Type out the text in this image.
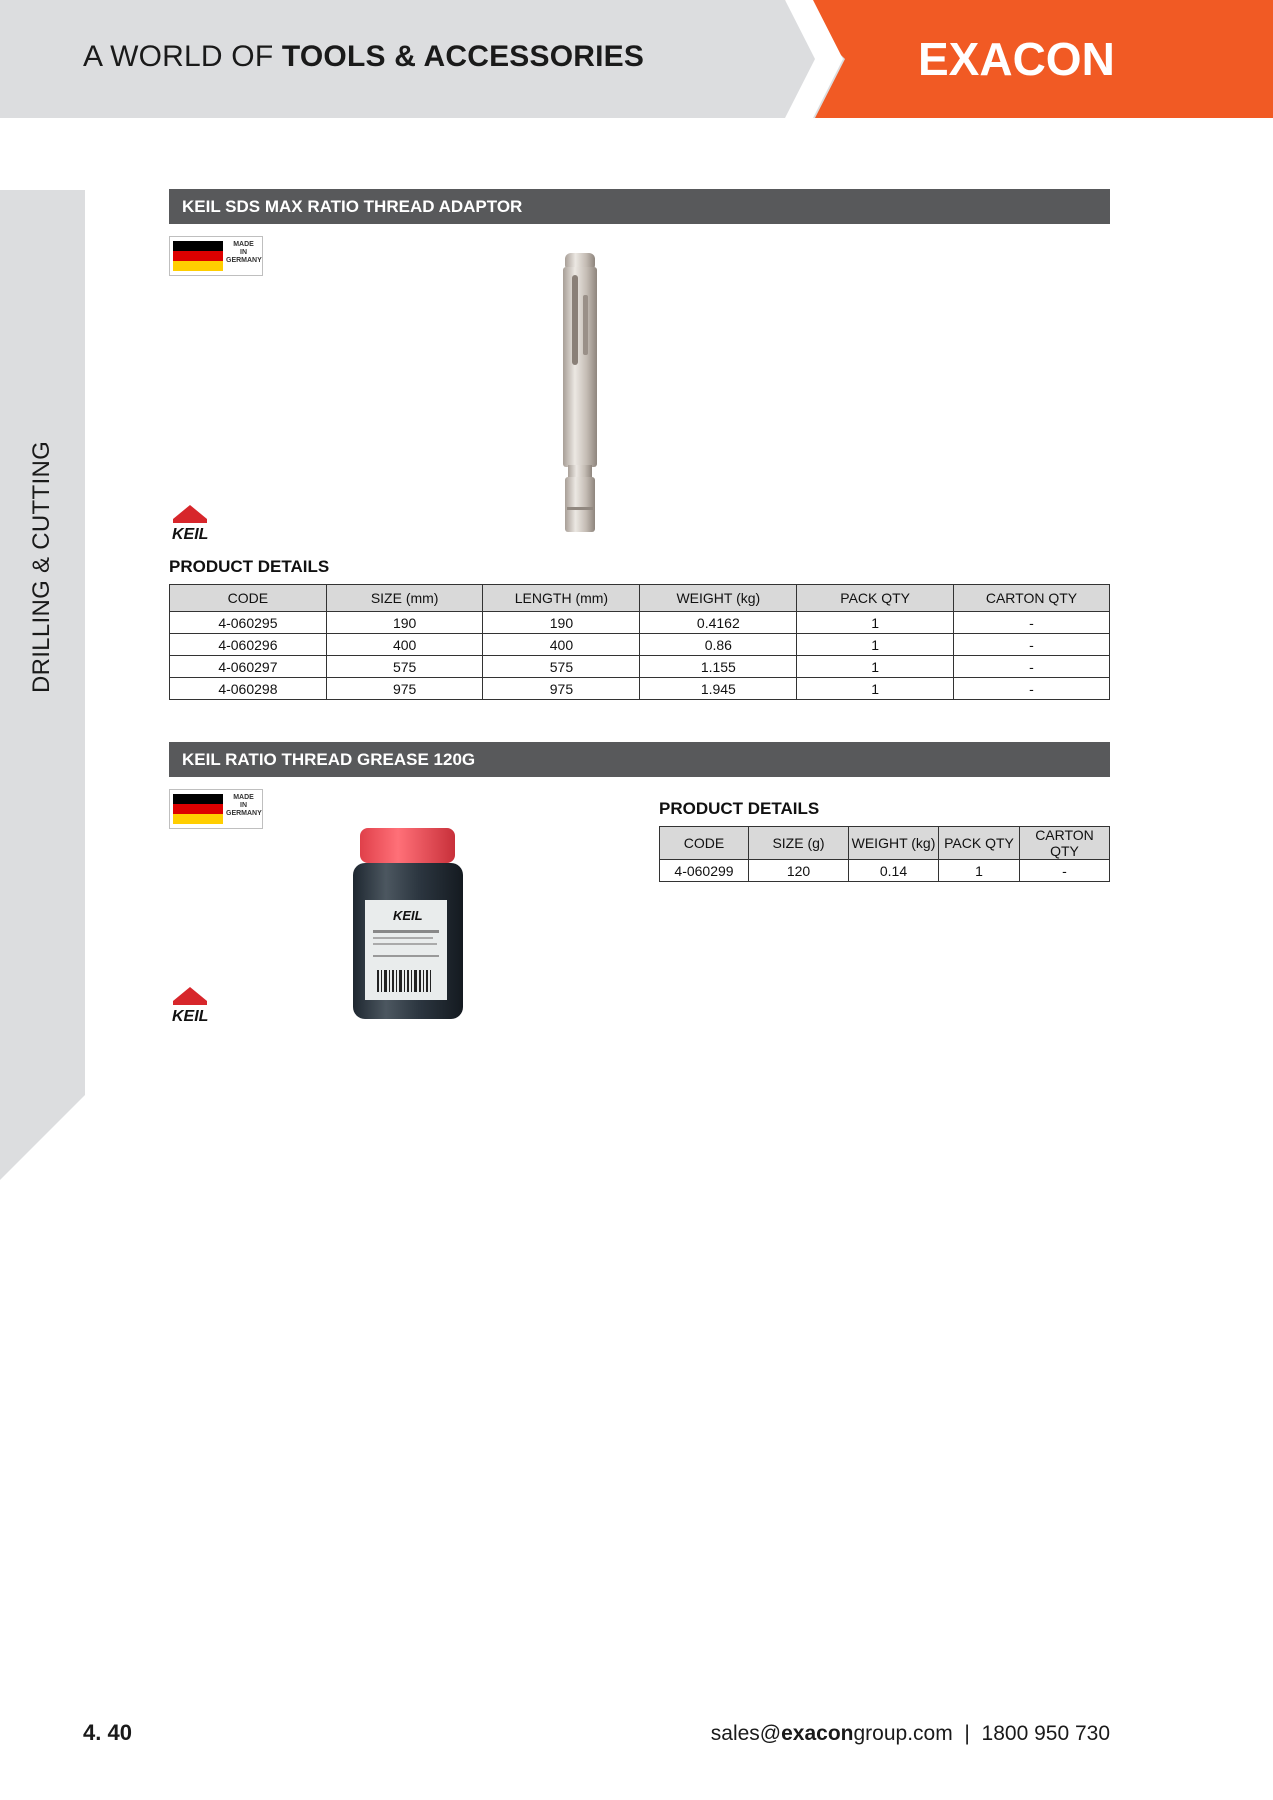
A WORLD OF TOOLS & ACCESSORIES	EXACON
DRILLING & CUTTING
KEIL SDS MAX RATIO THREAD ADAPTOR
MADE
IN
GERMANY
KEIL
PRODUCT DETAILS
CODE	SIZE (mm)	LENGTH (mm)	WEIGHT (kg)	PACK QTY	CARTON QTY
4-060295	190	190	0.4162	1	-
4-060296	400	400	0.86	1	-
4-060297	575	575	1.155	1	-
4-060298	975	975	1.945	1	-
KEIL RATIO THREAD GREASE 120G
MADE
IN
GERMANY
KEIL
KEIL
PRODUCT DETAILS
CODE	SIZE (g)	WEIGHT (kg)	PACK QTY	CARTON QTY
4-060299	120	0.14	1	-
4. 40	sales@exacongroup.com | 1800 950 730
